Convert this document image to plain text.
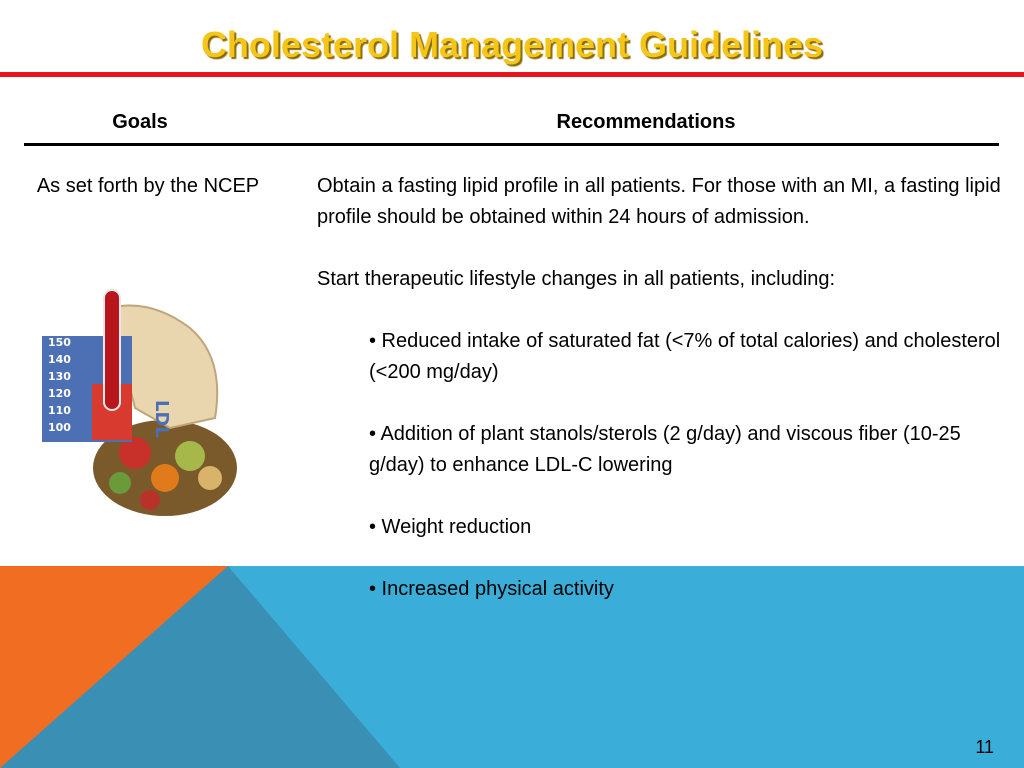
Cholesterol Management Guidelines
Goals	Recommendations
As set forth by the NCEP
150
140
130
120
110
100	LDL

Obtain a fasting lipid profile in all patients. For those with an MI, a fasting lipid profile should be obtained within 24 hours of admission.

Start therapeutic lifestyle changes in all patients, including:

• Reduced intake of saturated fat (<7% of total calories) and cholesterol (<200 mg/day)
• Addition of plant stanols/sterols (2 g/day) and viscous fiber (10-25 g/day) to enhance LDL-C lowering
• Weight reduction
• Increased physical activity
11
